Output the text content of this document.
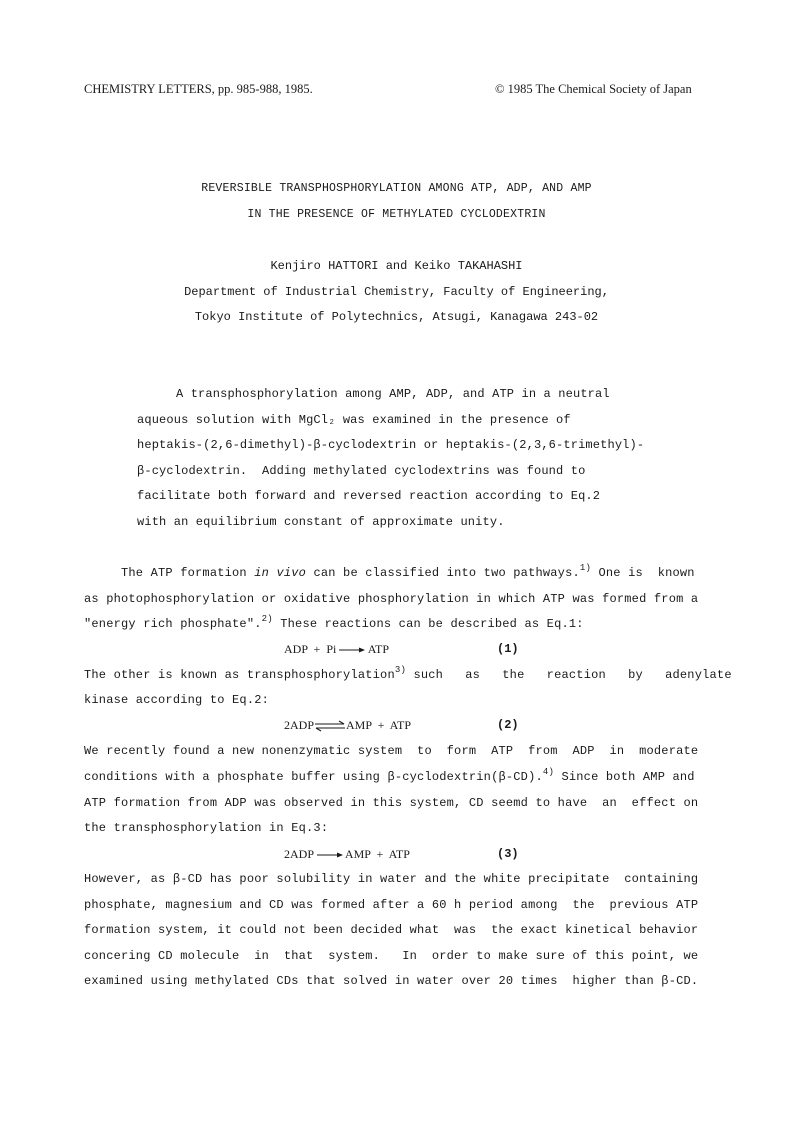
CHEMISTRY LETTERS, pp. 985-988, 1985.	© 1985 The Chemical Society of Japan
REVERSIBLE TRANSPHOSPHORYLATION AMONG ATP, ADP, AND AMP
IN THE PRESENCE OF METHYLATED CYCLODEXTRIN
Kenjiro HATTORI and Keiko TAKAHASHI
Department of Industrial Chemistry, Faculty of Engineering,
Tokyo Institute of Polytechnics, Atsugi, Kanagawa 243-02
A transphosphorylation among AMP, ADP, and ATP in a neutral
aqueous solution with MgCl₂ was examined in the presence of
heptakis-(2,6-dimethyl)-β-cyclodextrin or heptakis-(2,3,6-trimethyl)-
β-cyclodextrin.  Adding methylated cyclodextrins was found to
facilitate both forward and reversed reaction according to Eq.2
with an equilibrium constant of approximate unity.
The ATP formation in vivo can be classified into two pathways.$^{1)}$ One is  known
as photophosphorylation or oxidative phosphorylation in which ATP was formed from a
"energy rich phosphate".$^{2)}$ These reactions can be described as Eq.1:
ADP  +  Pi → ATP	(1)
The other is known as transphosphorylation$^{3)}$ such   as   the   reaction   by   adenylate
kinase according to Eq.2:
2ADP⇌AMP  +  ATP	(2)
We recently found a new nonenzymatic system  to  form  ATP  from  ADP  in  moderate
conditions with a phosphate buffer using β-cyclodextrin(β-CD).$^{4)}$ Since both AMP and
ATP formation from ADP was observed in this system, CD seemd to have  an  effect on
the transphosphorylation in Eq.3:
2ADP → AMP  +  ATP	(3)
However, as β-CD has poor solubility in water and the white precipitate  containing
phosphate, magnesium and CD was formed after a 60 h period among  the  previous ATP
formation system, it could not been decided what  was  the exact kinetical behavior
concering CD molecule  in  that  system.   In  order to make sure of this point, we
examined using methylated CDs that solved in water over 20 times  higher than β-CD.
